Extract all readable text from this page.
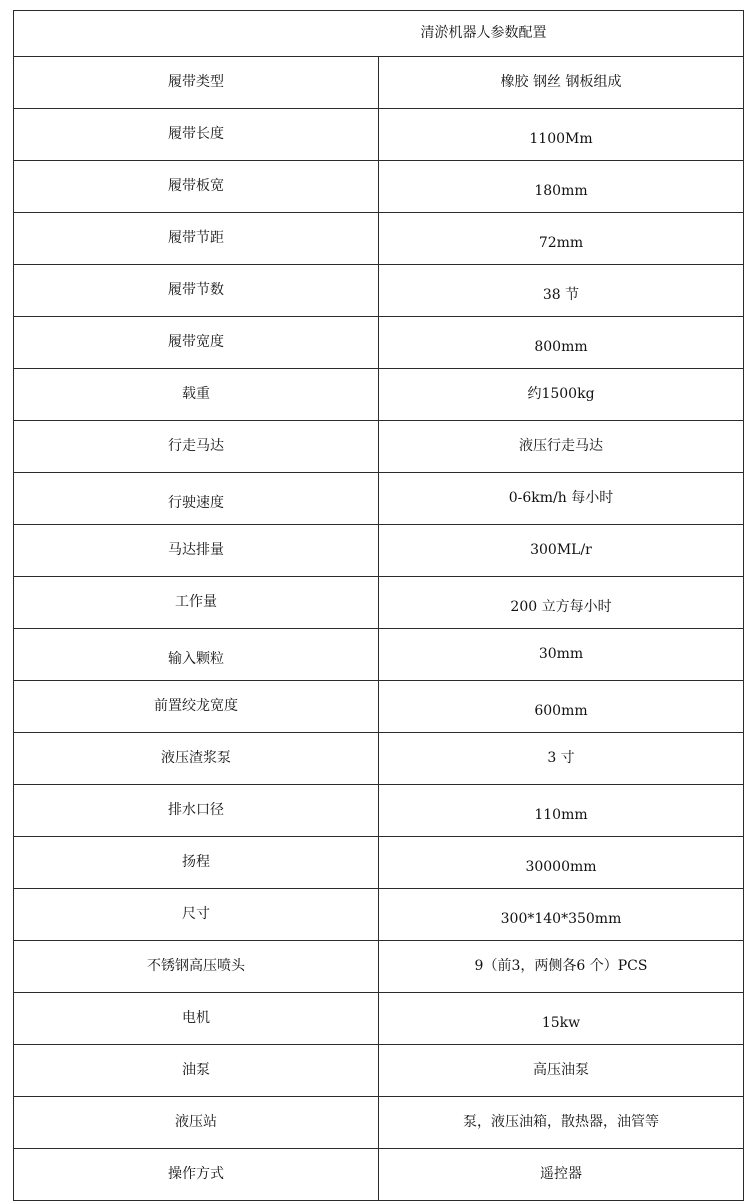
清淤机器人参数配置	
履带类型	橡胶 钢丝 钢板组成
履带长度	1100Mm
履带板宽	180mm
履带节距	72mm
履带节数	38 节
履带宽度	800mm
载重	约1500kg
行走马达	液压行走马达
行驶速度	0-6km/h 每小时
马达排量	300ML/r
工作量	200 立方每小时
输入颗粒	30mm
前置绞龙宽度	600mm
液压渣浆泵	3 寸
排水口径	110mm
扬程	30000mm
尺寸	300*140*350mm
不锈钢高压喷头	9（前3，两侧各6 个）PCS
电机	15kw
油泵	高压油泵
液压站	泵，液压油箱，散热器，油管等
操作方式	遥控器
